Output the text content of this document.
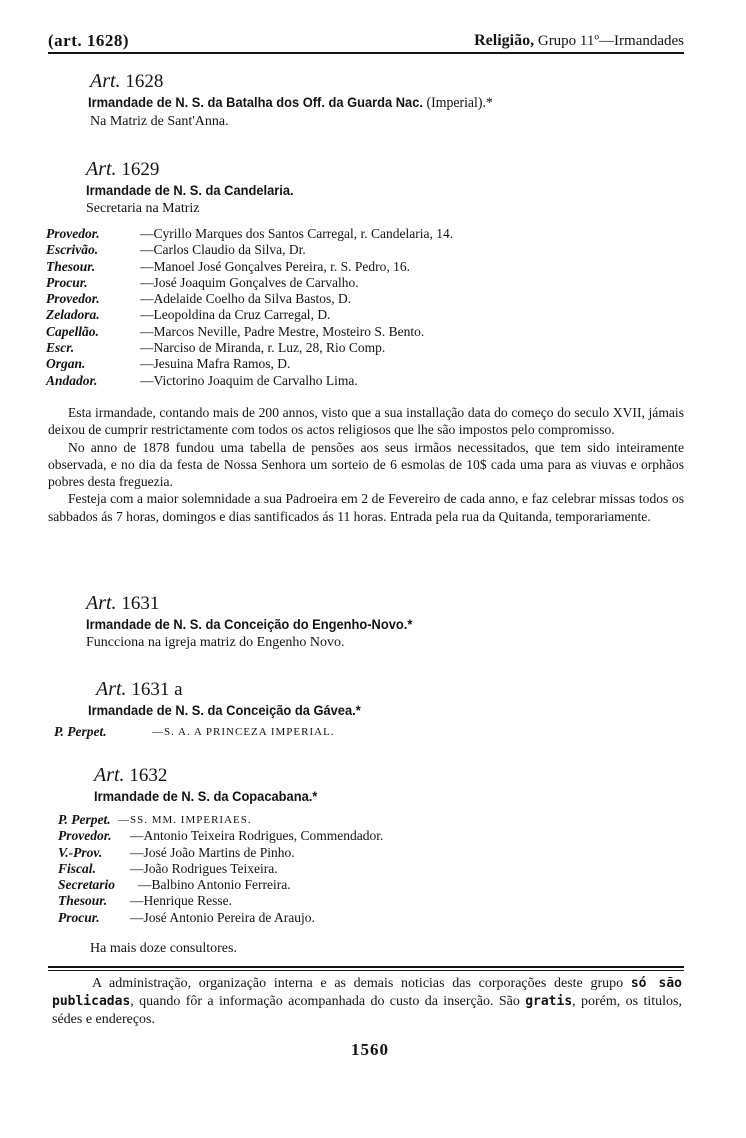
(art. 1628)	Religião, Grupo 11º—Irmandades
Art. 1628
Irmandade de N. S. da Batalha dos Off. da Guarda Nac. (Imperial).*
Na Matriz de Sant'Anna.
Art. 1629
Irmandade de N. S. da Candelaria.
Secretaria na Matriz
Provedor.	—Cyrillo Marques dos Santos Carregal, r. Candelaria, 14.
Escrivão.	—Carlos Claudio da Silva, Dr.
Thesour.	—Manoel José Gonçalves Pereira, r. S. Pedro, 16.
Procur.	—José Joaquim Gonçalves de Carvalho.
Provedor.	—Adelaide Coelho da Silva Bastos, D.
Zeladora.	—Leopoldina da Cruz Carregal, D.
Capellão.	—Marcos Neville, Padre Mestre, Mosteiro S. Bento.
Escr.	—Narciso de Miranda, r. Luz, 28, Rio Comp.
Organ.	—Jesuina Mafra Ramos, D.
Andador.	—Victorino Joaquim de Carvalho Lima.

Esta irmandade, contando mais de 200 annos, visto que a sua installação data do começo do seculo XVII, jámais deixou de cumprir restrictamente com todos os actos religiosos que lhe são impostos pelo compromisso.

No anno de 1878 fundou uma tabella de pensões aos seus irmãos necessitados, que tem sido inteiramente observada, e no dia da festa de Nossa Senhora um sorteio de 6 esmolas de 10$ cada uma para as viuvas e orphãos pobres desta freguezia.

Festeja com a maior solemnidade a sua Padroeira em 2 de Fevereiro de cada anno, e faz celebrar missas todos os sabbados ás 7 horas, domingos e dias santificados ás 11 horas. Entrada pela rua da Quitanda, temporariamente.

Art. 1631
Irmandade de N. S. da Conceição do Engenho-Novo.*
Funcciona na igreja matriz do Engenho Novo.
Art. 1631 a
Irmandade de N. S. da Conceição da Gávea.*
P. Perpet.	—S. A. A PRINCEZA IMPERIAL.
Art. 1632
Irmandade de N. S. da Copacabana.*
P. Perpet. —SS. MM. IMPERIAES.
Provedor. —Antonio Teixeira Rodrigues, Commendador.
V.-Prov. —José João Martins de Pinho.
Fiscal.	—João Rodrigues Teixeira.
Secretario —Balbino Antonio Ferreira.
Thesour. —Henrique Resse.
Procur. —José Antonio Pereira de Araujo.
Ha mais doze consultores.
A administração, organização interna e as demais noticias das corporações deste grupo só são publicadas, quando fôr a informação acompanhada do custo da inserção. São gratis, porém, os titulos, sédes e endereços.
1560
